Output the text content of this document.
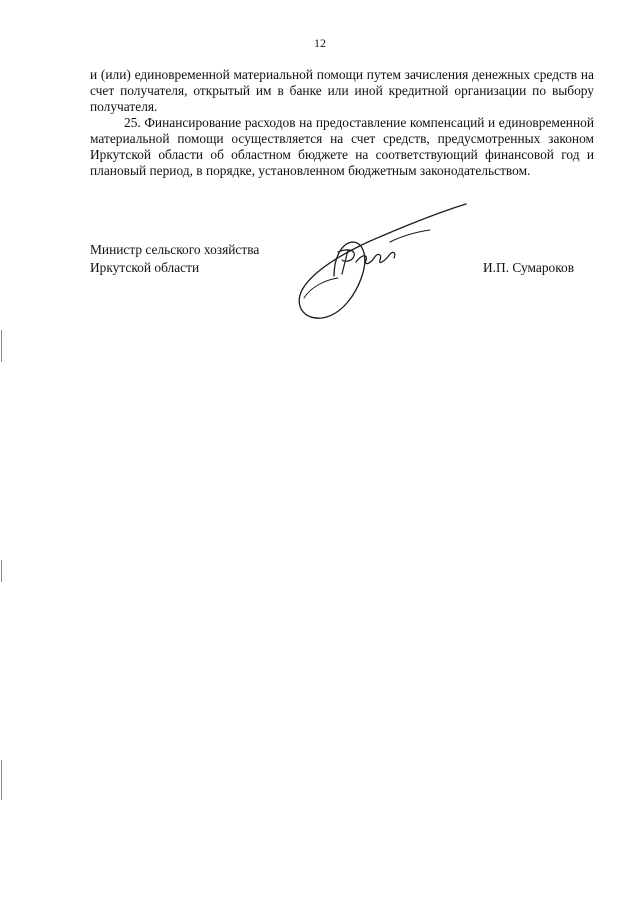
12

и (или) единовременной материальной помощи путем зачисления денежных средств на счет получателя, открытый им в банке или иной кредитной организации по выбору получателя.

25. Финансирование расходов на предоставление компенсаций и единовременной материальной помощи осуществляется на счет средств, предусмотренных законом Иркутской области об областном бюджете на соответствующий финансовой год и плановый период, в порядке, установленном бюджетным законодательством.

Министр сельского хозяйства
Иркутской области	И.П. Сумароков
